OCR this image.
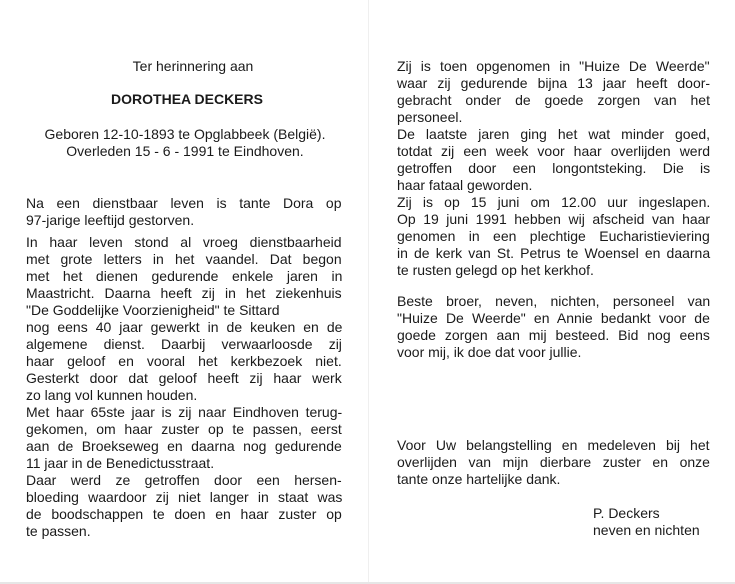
Ter herinnering aan
DOROTHEA DECKERS
Geboren 12-10-1893 te Opglabbeek (België).
Overleden 15 - 6 - 1991 te Eindhoven.
Na een dienstbaar leven is tante Dora op
97-jarige leeftijd gestorven.
In haar leven stond al vroeg dienstbaarheid
met grote letters in het vaandel. Dat begon
met het dienen gedurende enkele jaren in
Maastricht. Daarna heeft zij in het ziekenhuis
"De Goddelijke Voorzienigheid" te Sittard
nog eens 40 jaar gewerkt in de keuken en de
algemene dienst. Daarbij verwaarloosde zij
haar geloof en vooral het kerkbezoek niet.
Gesterkt door dat geloof heeft zij haar werk
zo lang vol kunnen houden.
Met haar 65ste jaar is zij naar Eindhoven terug-
gekomen, om haar zuster op te passen, eerst
aan de Broekseweg en daarna nog gedurende
11 jaar in de Benedictusstraat.
Daar werd ze getroffen door een hersen-
bloeding waardoor zij niet langer in staat was
de boodschappen te doen en haar zuster op
te passen.
Zij is toen opgenomen in "Huize De Weerde"
waar zij gedurende bijna 13 jaar heeft door-
gebracht onder de goede zorgen van het
personeel.
De laatste jaren ging het wat minder goed,
totdat zij een week voor haar overlijden werd
getroffen door een longontsteking. Die is
haar fataal geworden.
Zij is op 15 juni om 12.00 uur ingeslapen.
Op 19 juni 1991 hebben wij afscheid van haar
genomen in een plechtige Eucharistieviering
in de kerk van St. Petrus te Woensel en daarna
te rusten gelegd op het kerkhof.
Beste broer, neven, nichten, personeel van
"Huize De Weerde" en Annie bedankt voor de
goede zorgen aan mij besteed. Bid nog eens
voor mij, ik doe dat voor jullie.
Voor Uw belangstelling en medeleven bij het
overlijden van mijn dierbare zuster en onze
tante onze hartelijke dank.
P. Deckers
neven en nichten
